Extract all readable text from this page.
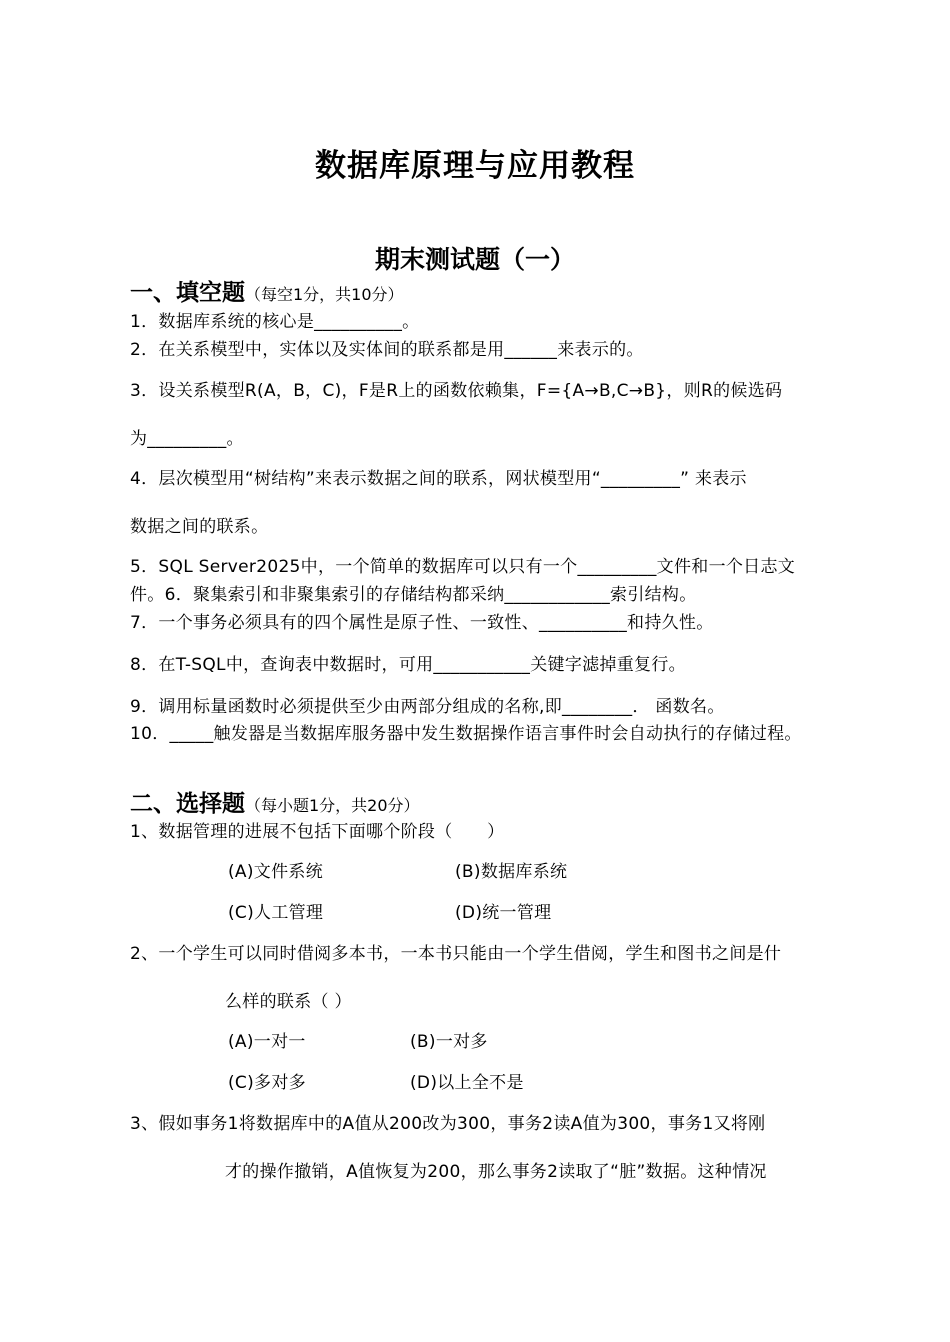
数据库原理与应用教程
期末测试题（一）
一、填空题（每空1分，共10分）
1．数据库系统的核心是__________。
2．在关系模型中，实体以及实体间的联系都是用______来表示的。
3．设关系模型R(A，B，C)，F是R上的函数依赖集，F={A→B,C→B}，则R的候选码
为_________。
4．层次模型用“树结构”来表示数据之间的联系，网状模型用“_________” 来表示
数据之间的联系。
5．SQL Server2025中，一个简单的数据库可以只有一个_________文件和一个日志文
件。6．聚集索引和非聚集索引的存储结构都采纳____________索引结构。
7．一个事务必须具有的四个属性是原子性、一致性、__________和持久性。
8．在T-SQL中，查询表中数据时，可用___________关键字滤掉重复行。
9．调用标量函数时必须提供至少由两部分组成的名称,即________． 函数名。
10．_____触发器是当数据库服务器中发生数据操作语言事件时会自动执行的存储过程。
二、选择题（每小题1分，共20分）
1、数据管理的进展不包括下面哪个阶段（　　）
(A)文件系统	(B)数据库系统
(C)人工管理	(D)统一管理
2、一个学生可以同时借阅多本书，一本书只能由一个学生借阅，学生和图书之间是什
么样的联系（ ）
(A)一对一	(B)一对多
(C)多对多	(D)以上全不是
3、假如事务1将数据库中的A值从200改为300，事务2读A值为300，事务1又将刚
才的操作撤销，A值恢复为200，那么事务2读取了“脏”数据。这种情况
